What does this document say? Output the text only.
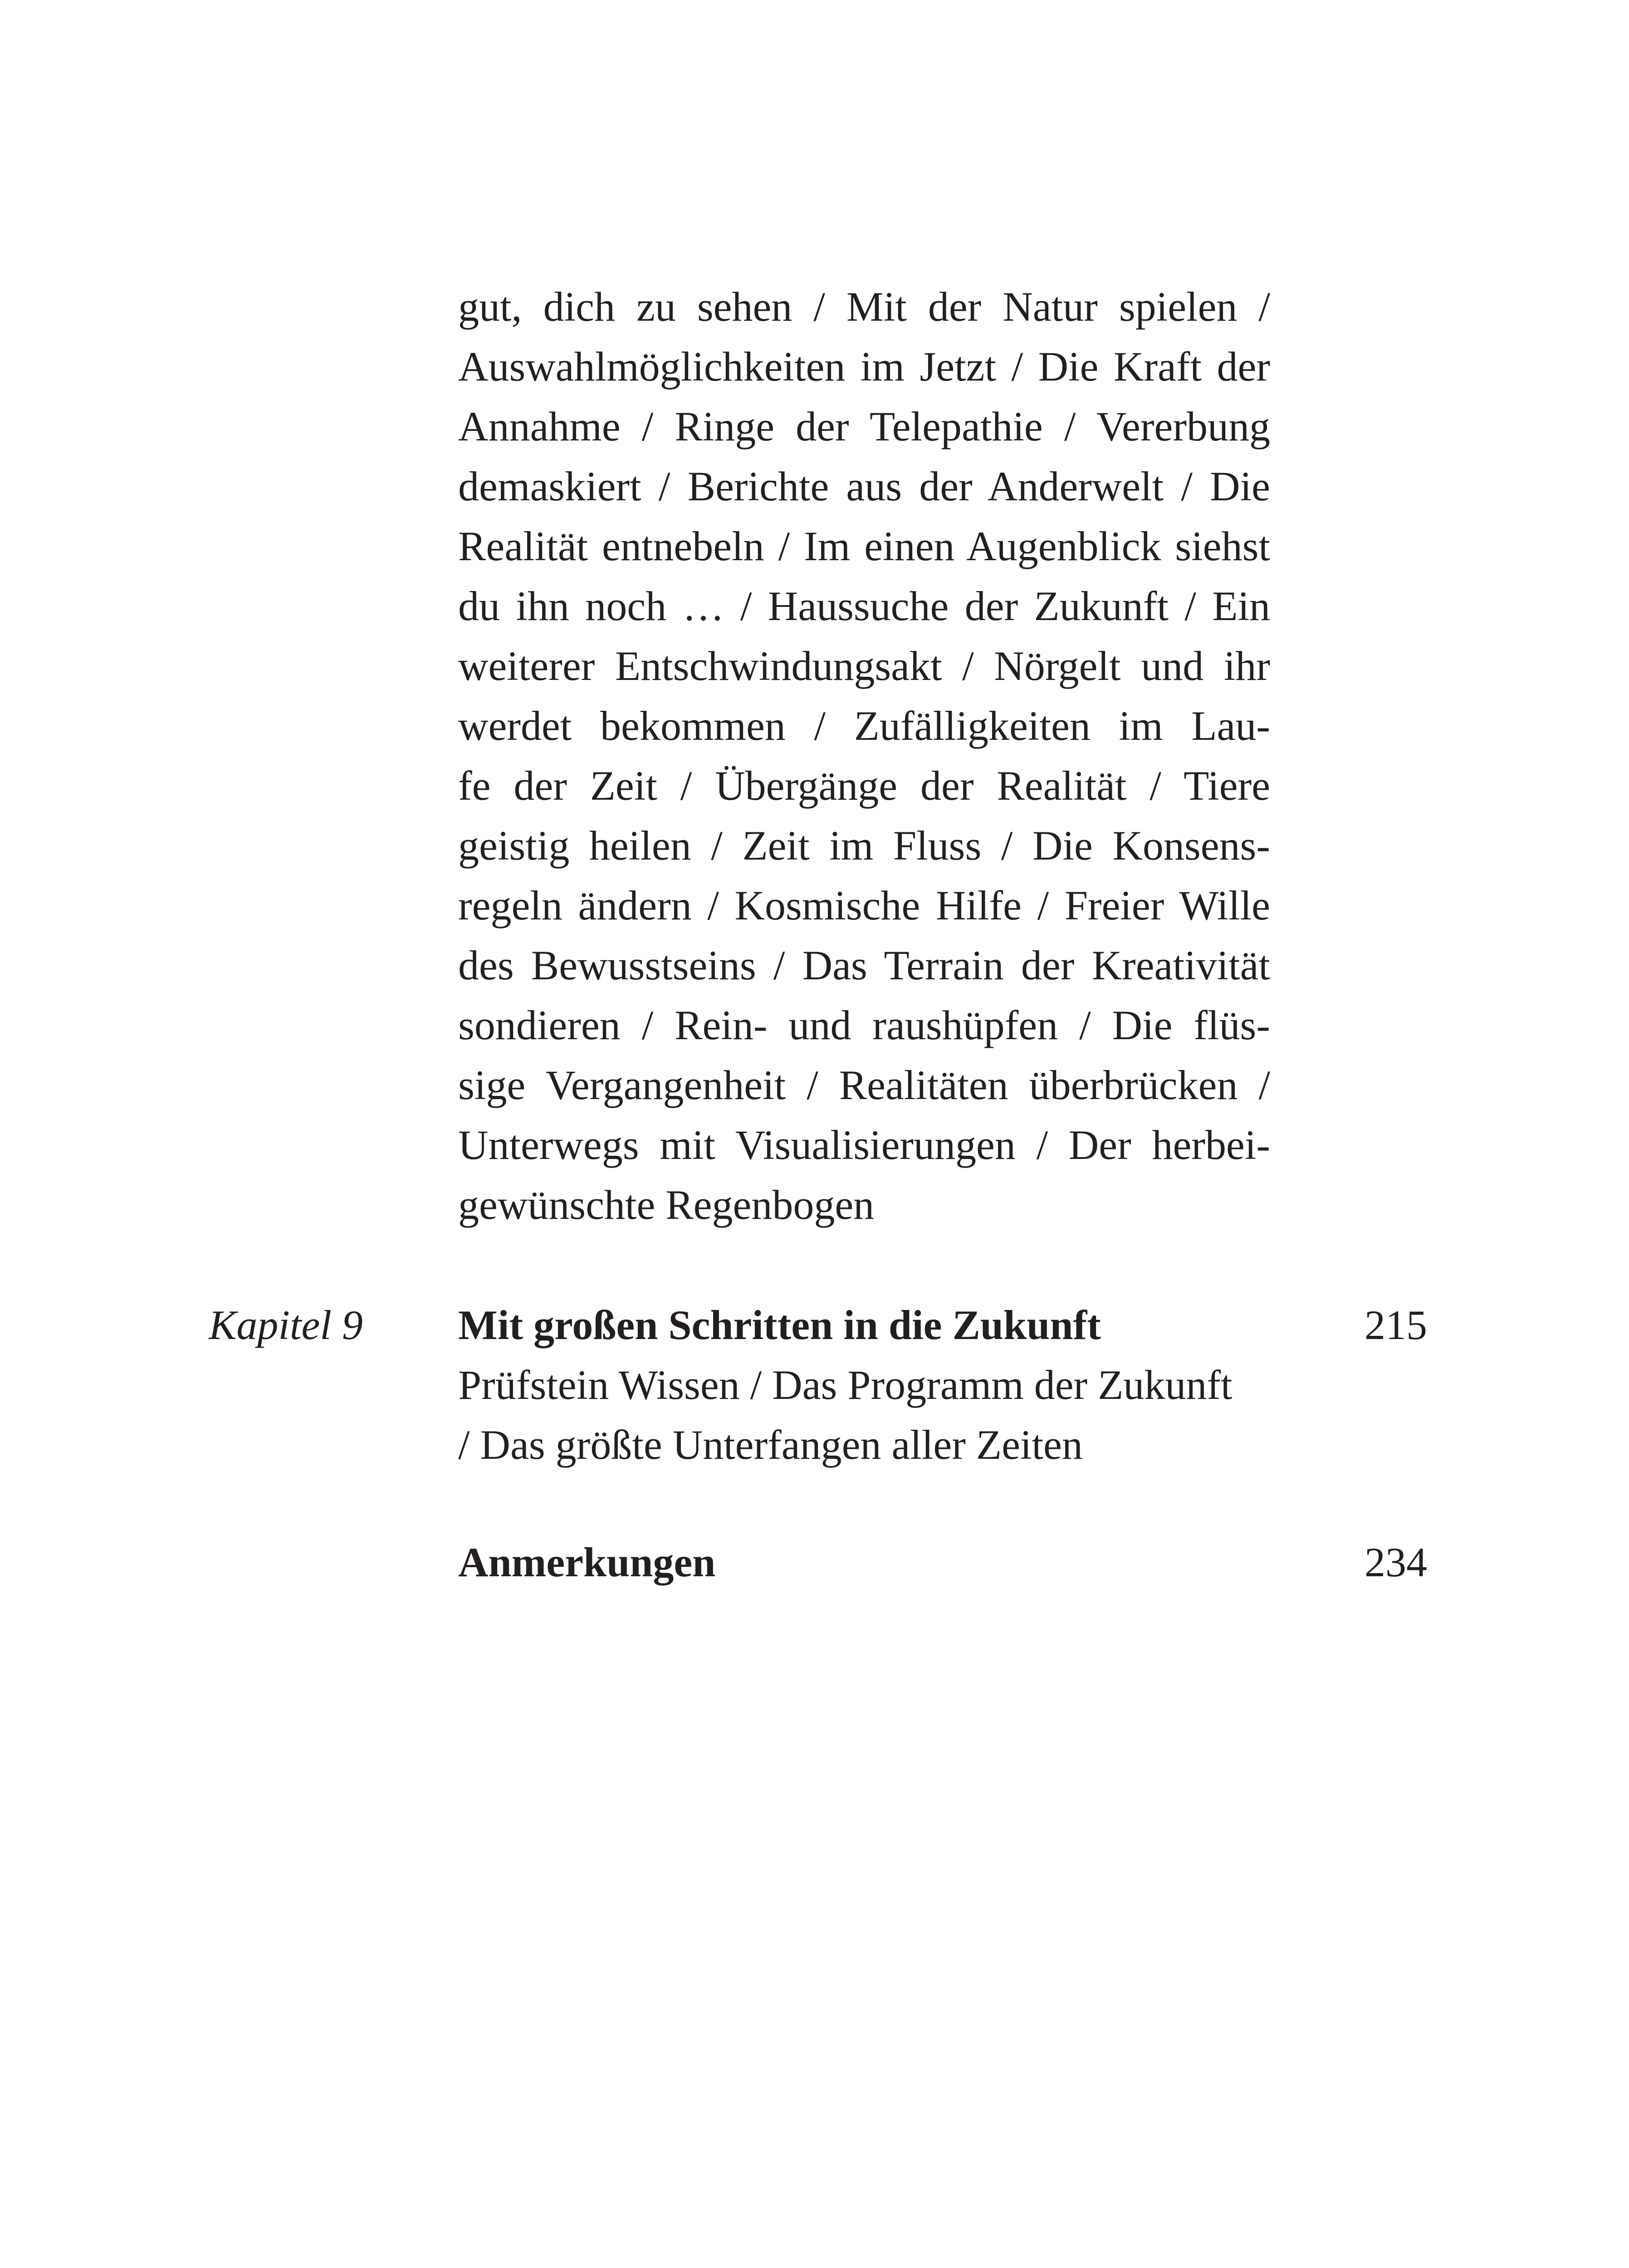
gut, dich zu sehen / Mit der Natur spielen /
Auswahlmöglichkeiten im Jetzt / Die Kraft der
Annahme / Ringe der Telepathie / Vererbung
demaskiert / Berichte aus der Anderwelt / Die
Realität entnebeln / Im einen Augenblick siehst
du ihn noch … / Haussuche der Zukunft / Ein
weiterer Entschwindungsakt / Nörgelt und ihr
werdet bekommen / Zufälligkeiten im Lau-
fe der Zeit / Übergänge der Realität / Tiere
geistig heilen / Zeit im Fluss / Die Konsens-
regeln ändern / Kosmische Hilfe / Freier Wille
des Bewusstseins / Das Terrain der Kreativität
sondieren / Rein- und raushüpfen / Die flüs-
sige Vergangenheit / Realitäten überbrücken /
Unterwegs mit Visualisierungen / Der herbei-
gewünschte Regenbogen
Kapitel 9 Mit großen Schritten in die Zukunft	215
Prüfstein Wissen / Das Programm der Zukunft
/ Das größte Unterfangen aller Zeiten
Anmerkungen	234
